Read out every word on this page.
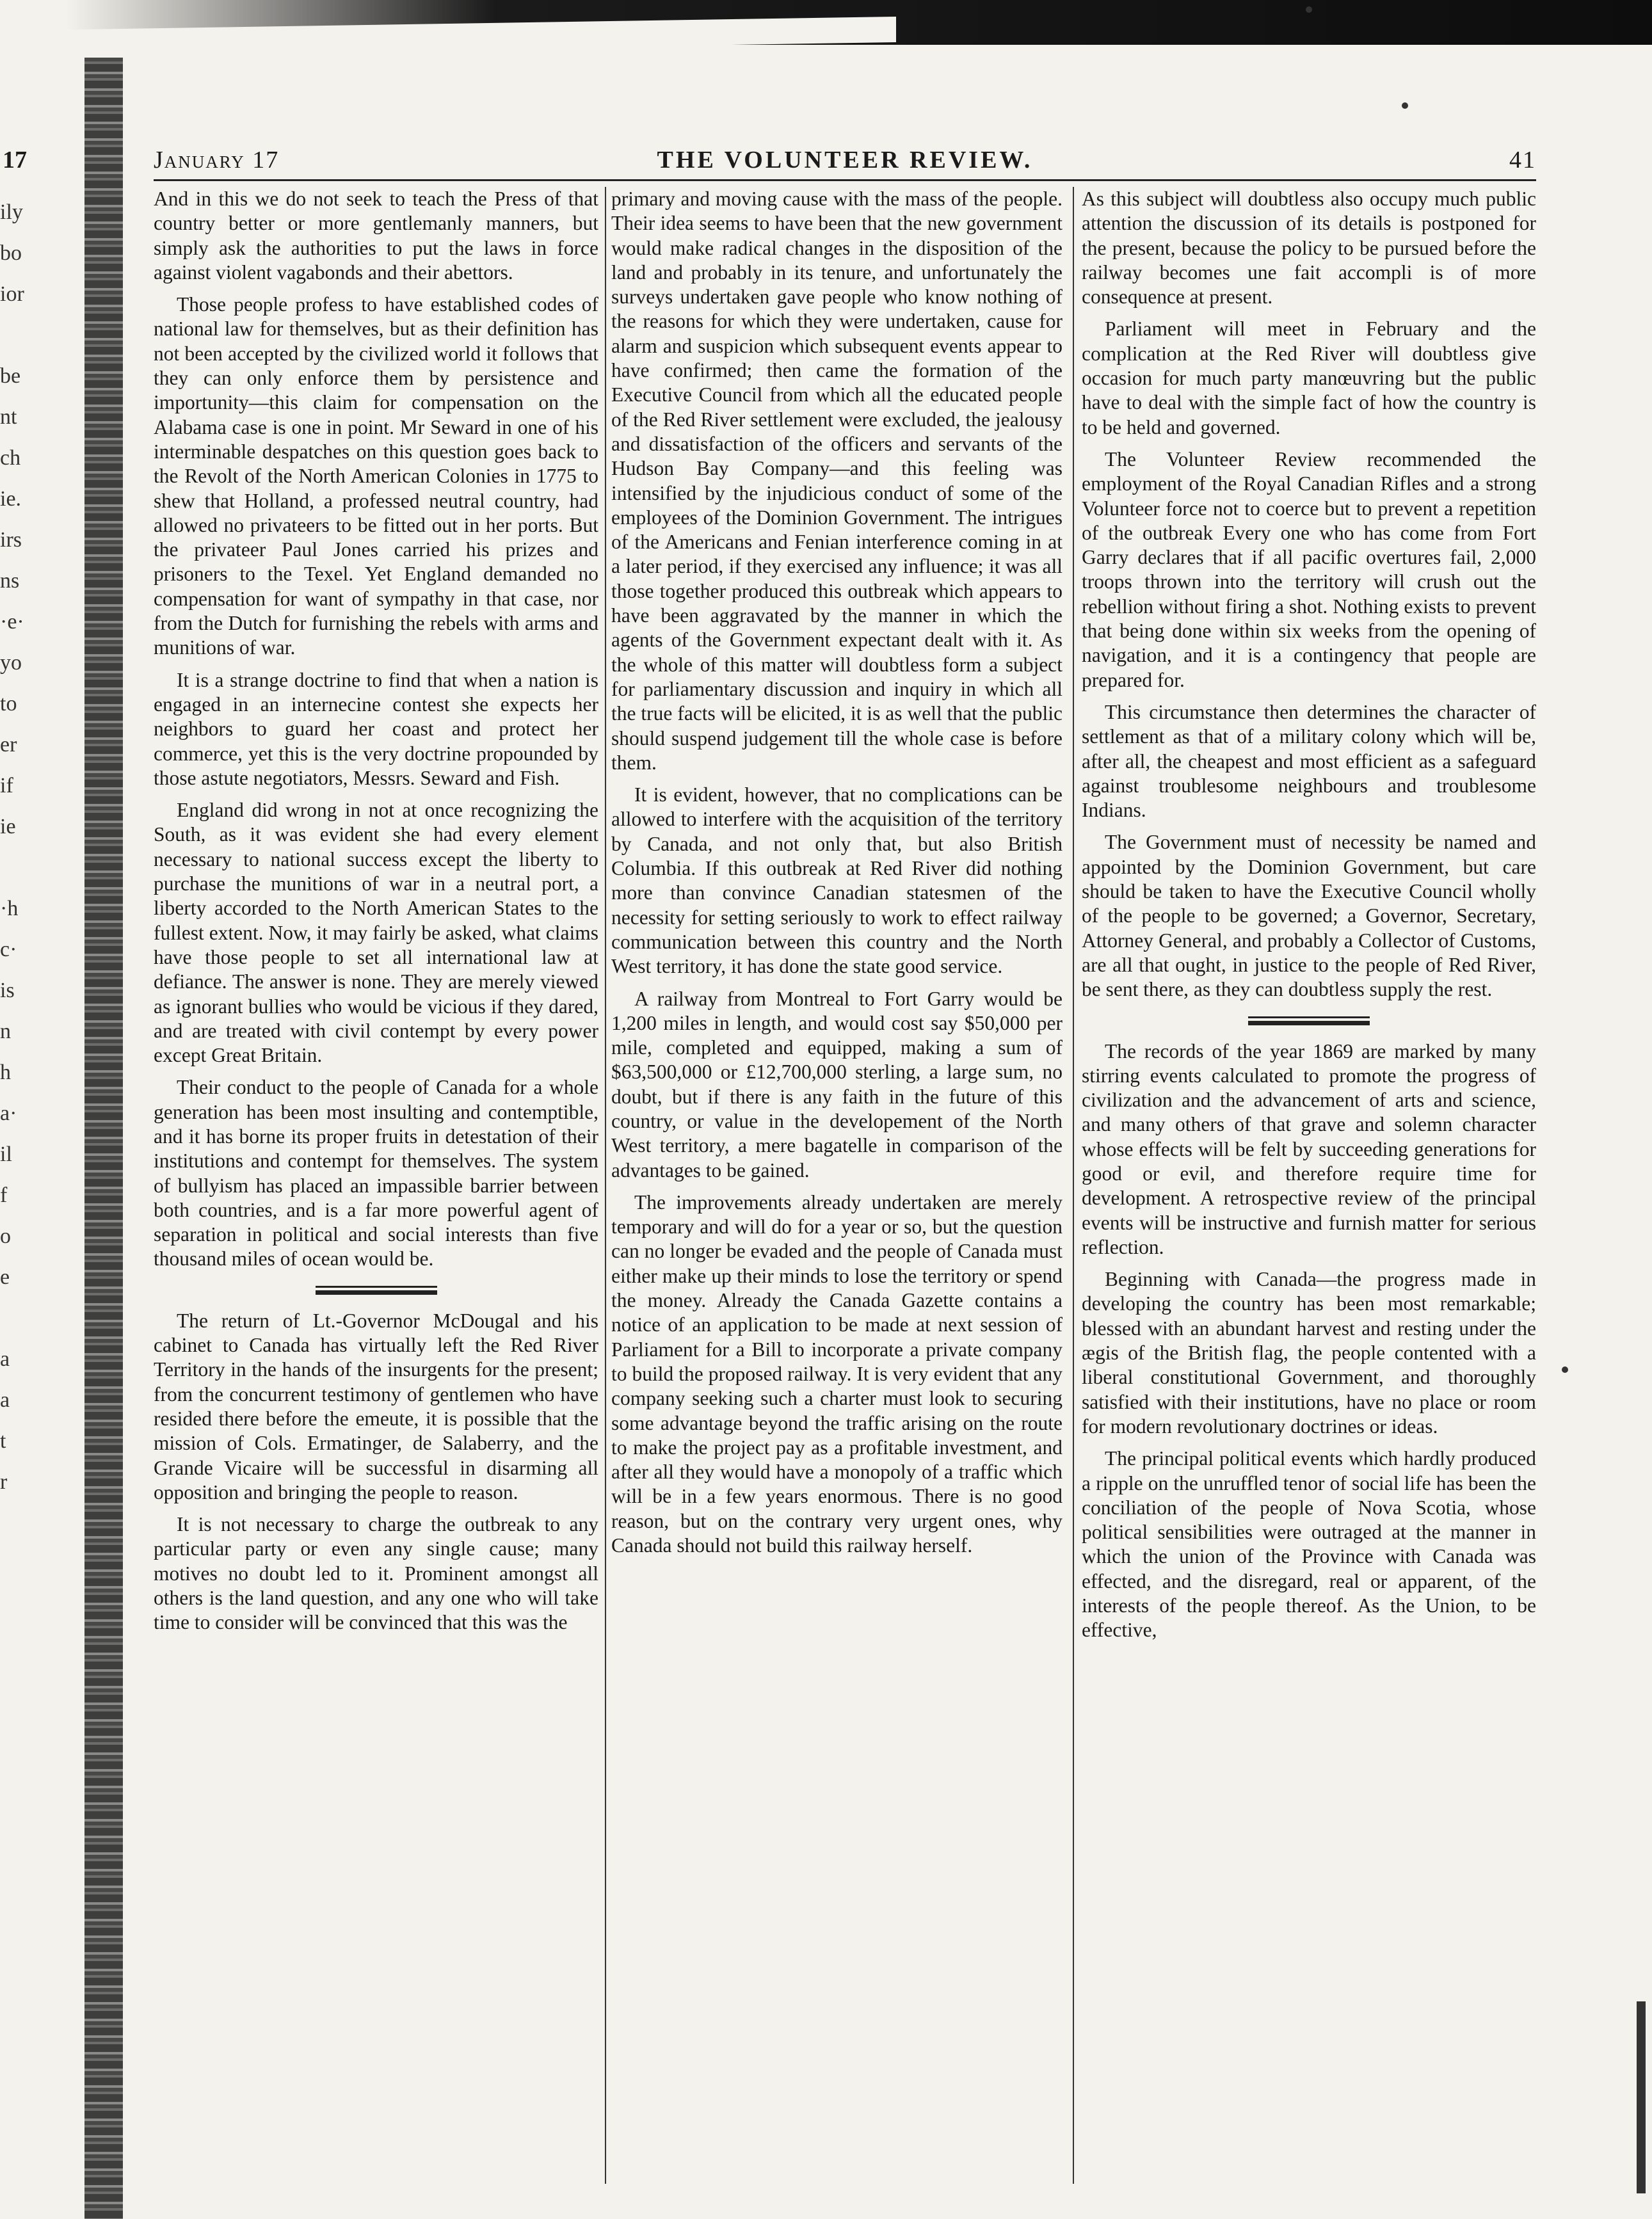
17
ily
bo
ior
be
nt
ch
ie.
irs
ns
·e·
yo
to
er
if
ie
·h
c·
is
n
h
a·
il
f
o
e
a
a
t
r
January 17	THE VOLUNTEER REVIEW.	41

And in this we do not seek to teach the Press of that country better or more gentlemanly manners, but simply ask the authorities to put the laws in force against violent vagabonds and their abettors.

Those people profess to have established codes of national law for themselves, but as their definition has not been accepted by the civilized world it follows that they can only enforce them by persistence and importunity—this claim for compensation on the Alabama case is one in point. Mr Seward in one of his interminable despatches on this question goes back to the Revolt of the North American Colonies in 1775 to shew that Holland, a professed neutral country, had allowed no privateers to be fitted out in her ports. But the privateer Paul Jones carried his prizes and prisoners to the Texel. Yet England demanded no compensation for want of sympathy in that case, nor from the Dutch for furnishing the rebels with arms and munitions of war.

It is a strange doctrine to find that when a nation is engaged in an internecine contest she expects her neighbors to guard her coast and protect her commerce, yet this is the very doctrine propounded by those astute negotiators, Messrs. Seward and Fish.

England did wrong in not at once recognizing the South, as it was evident she had every element necessary to national success except the liberty to purchase the munitions of war in a neutral port, a liberty accorded to the North American States to the fullest extent. Now, it may fairly be asked, what claims have those people to set all international law at defiance. The answer is none. They are merely viewed as ignorant bullies who would be vicious if they dared, and are treated with civil contempt by every power except Great Britain.

Their conduct to the people of Canada for a whole generation has been most insulting and contemptible, and it has borne its proper fruits in detestation of their institutions and contempt for themselves. The system of bullyism has placed an impassible barrier between both countries, and is a far more powerful agent of separation in political and social interests than five thousand miles of ocean would be.

The return of Lt.-Governor McDougal and his cabinet to Canada has virtually left the Red River Territory in the hands of the insurgents for the present; from the concurrent testimony of gentlemen who have resided there before the emeute, it is possible that the mission of Cols. Ermatinger, de Salaberry, and the Grande Vicaire will be successful in disarming all opposition and bringing the people to reason.

It is not necessary to charge the outbreak to any particular party or even any single cause; many motives no doubt led to it. Prominent amongst all others is the land question, and any one who will take time to consider will be convinced that this was the

primary and moving cause with the mass of the people. Their idea seems to have been that the new government would make radical changes in the disposition of the land and probably in its tenure, and unfortunately the surveys undertaken gave people who know nothing of the reasons for which they were undertaken, cause for alarm and suspicion which subsequent events appear to have confirmed; then came the formation of the Executive Council from which all the educated people of the Red River settlement were excluded, the jealousy and dissatisfaction of the officers and servants of the Hudson Bay Company—and this feeling was intensified by the injudicious conduct of some of the employees of the Dominion Government. The intrigues of the Americans and Fenian interference coming in at a later period, if they exercised any influence; it was all those together produced this outbreak which appears to have been aggravated by the manner in which the agents of the Government expectant dealt with it. As the whole of this matter will doubtless form a subject for parliamentary discussion and inquiry in which all the true facts will be elicited, it is as well that the public should suspend judgement till the whole case is before them.

It is evident, however, that no complications can be allowed to interfere with the acquisition of the territory by Canada, and not only that, but also British Columbia. If this outbreak at Red River did nothing more than convince Canadian statesmen of the necessity for setting seriously to work to effect railway communication between this country and the North West territory, it has done the state good service.

A railway from Montreal to Fort Garry would be 1,200 miles in length, and would cost say $50,000 per mile, completed and equipped, making a sum of $63,500,000 or £12,700,000 sterling, a large sum, no doubt, but if there is any faith in the future of this country, or value in the developement of the North West territory, a mere bagatelle in comparison of the advantages to be gained.

The improvements already undertaken are merely temporary and will do for a year or so, but the question can no longer be evaded and the people of Canada must either make up their minds to lose the territory or spend the money. Already the Canada Gazette contains a notice of an application to be made at next session of Parliament for a Bill to incorporate a private company to build the proposed railway. It is very evident that any company seeking such a charter must look to securing some advantage beyond the traffic arising on the route to make the project pay as a profitable investment, and after all they would have a monopoly of a traffic which will be in a few years enormous. There is no good reason, but on the contrary very urgent ones, why Canada should not build this railway herself.

As this subject will doubtless also occupy much public attention the discussion of its details is postponed for the present, because the policy to be pursued before the railway becomes une fait accompli is of more consequence at present.

Parliament will meet in February and the complication at the Red River will doubtless give occasion for much party manœuvring but the public have to deal with the simple fact of how the country is to be held and governed.

The Volunteer Review recommended the employment of the Royal Canadian Rifles and a strong Volunteer force not to coerce but to prevent a repetition of the outbreak Every one who has come from Fort Garry declares that if all pacific overtures fail, 2,000 troops thrown into the territory will crush out the rebellion without firing a shot. Nothing exists to prevent that being done within six weeks from the opening of navigation, and it is a contingency that people are prepared for.

This circumstance then determines the character of settlement as that of a military colony which will be, after all, the cheapest and most efficient as a safeguard against troublesome neighbours and troublesome Indians.

The Government must of necessity be named and appointed by the Dominion Government, but care should be taken to have the Executive Council wholly of the people to be governed; a Governor, Secretary, Attorney General, and probably a Collector of Customs, are all that ought, in justice to the people of Red River, be sent there, as they can doubtless supply the rest.

The records of the year 1869 are marked by many stirring events calculated to promote the progress of civilization and the advancement of arts and science, and many others of that grave and solemn character whose effects will be felt by succeeding generations for good or evil, and therefore require time for development. A retrospective review of the principal events will be instructive and furnish matter for serious reflection.

Beginning with Canada—the progress made in developing the country has been most remarkable; blessed with an abundant harvest and resting under the ægis of the British flag, the people contented with a liberal constitutional Government, and thoroughly satisfied with their institutions, have no place or room for modern revolutionary doctrines or ideas.

The principal political events which hardly produced a ripple on the unruffled tenor of social life has been the conciliation of the people of Nova Scotia, whose political sensibilities were outraged at the manner in which the union of the Province with Canada was effected, and the disregard, real or apparent, of the interests of the people thereof. As the Union, to be effective,
